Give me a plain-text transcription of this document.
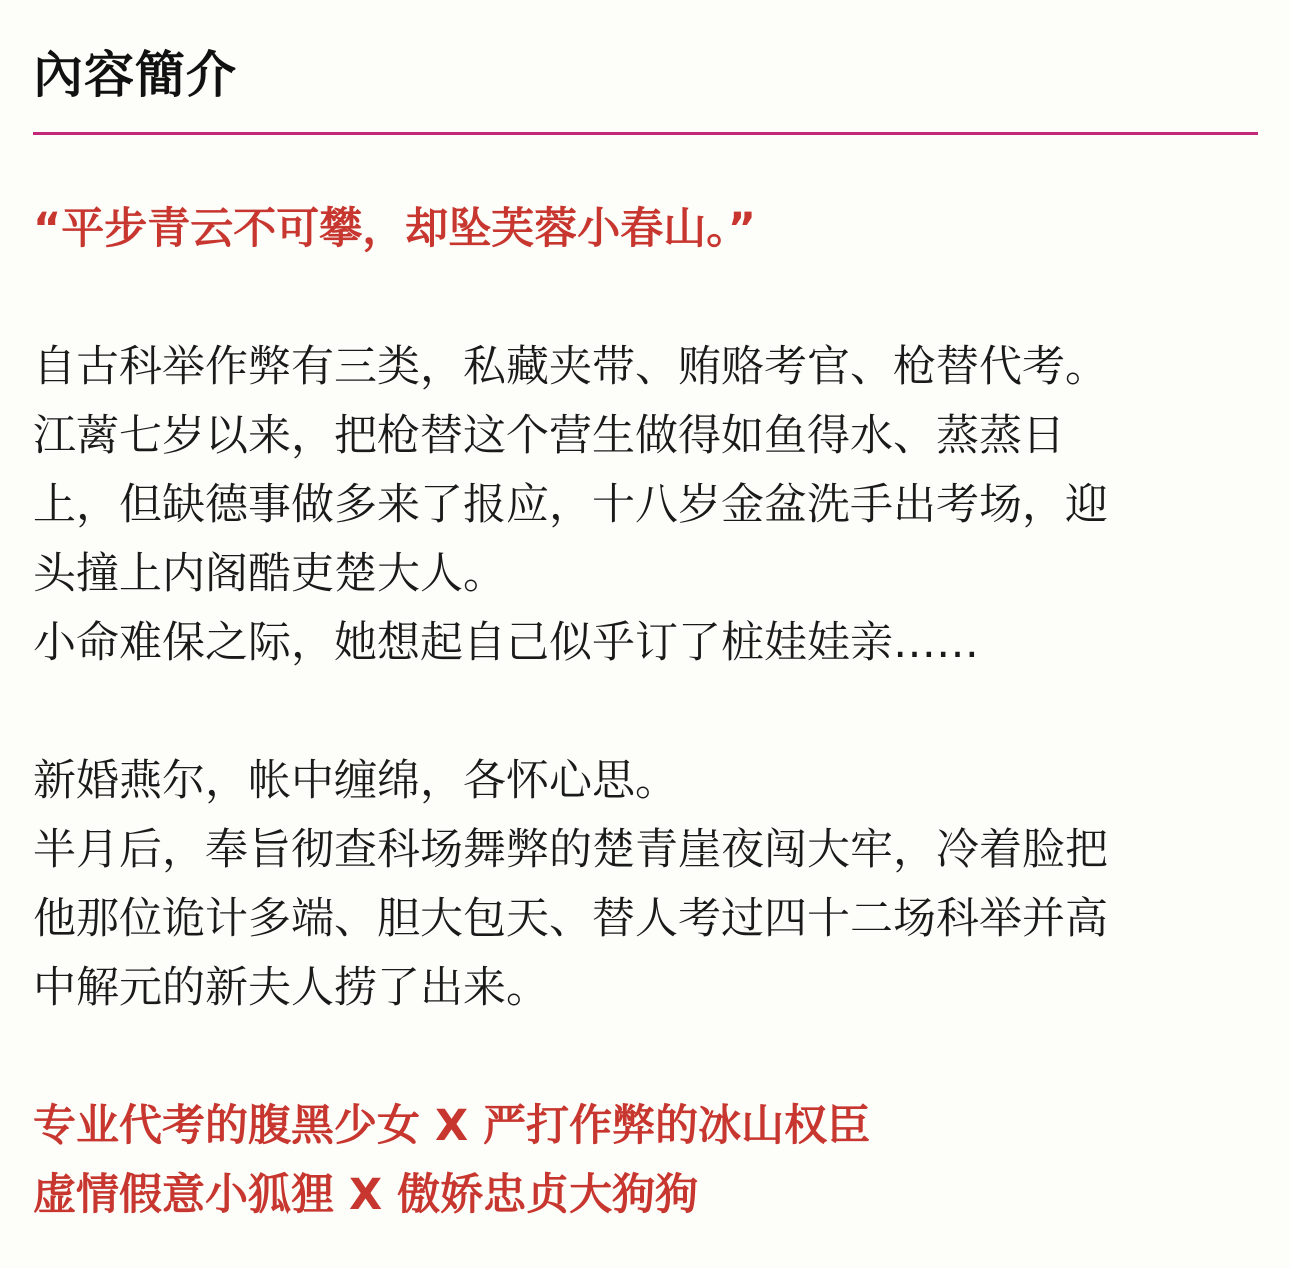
內容簡介

“平步青云不可攀，却坠芙蓉小春山。”

自古科举作弊有三类，私藏夹带、贿赂考官、枪替代考。
江蓠七岁以来，把枪替这个营生做得如鱼得水、蒸蒸日
上，但缺德事做多来了报应，十八岁金盆洗手出考场，迎
头撞上内阁酷吏楚大人。
小命难保之际，她想起自己似乎订了桩娃娃亲……

新婚燕尔，帐中缠绵，各怀心思。
半月后，奉旨彻查科场舞弊的楚青崖夜闯大牢，冷着脸把
他那位诡计多端、胆大包天、替人考过四十二场科举并高
中解元的新夫人捞了出来。

专业代考的腹黑少女 X 严打作弊的冰山权臣
虚情假意小狐狸 X 傲娇忠贞大狗狗
